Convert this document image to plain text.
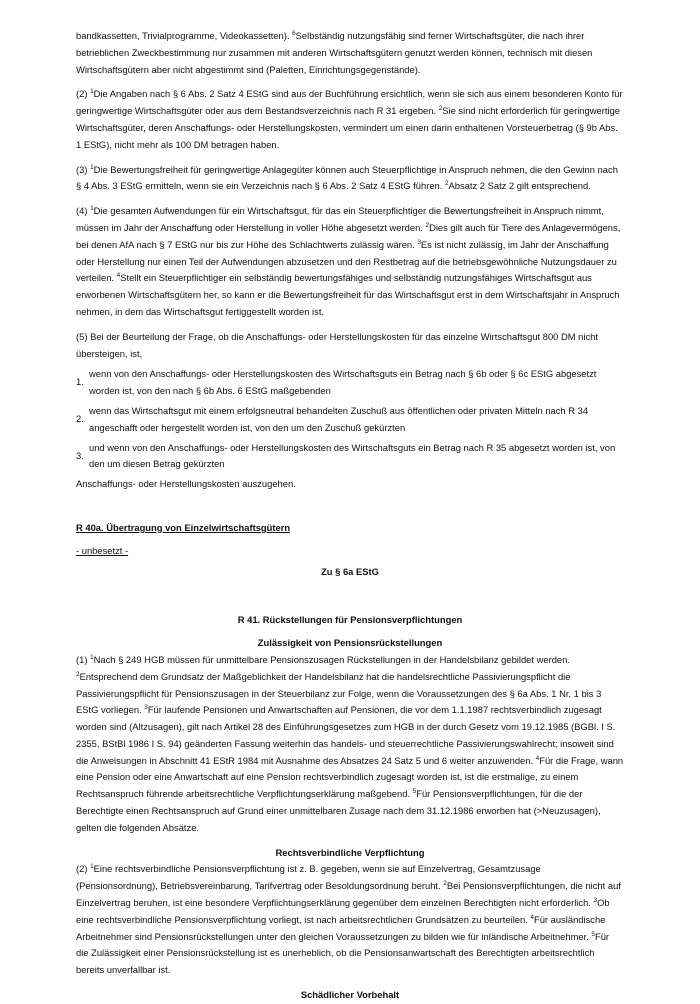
bandkassetten, Trivialprogramme, Videokassetten). $^6$Selbständig nutzungsfähig sind ferner Wirtschaftsgüter, die nach ihrer betrieblichen Zweckbestimmung nur zusammen mit anderen Wirtschaftsgütern genutzt werden können, technisch mit diesen Wirtschaftsgütern aber nicht abgestimmt sind (Paletten, Einrichtungsgegenstände).

(2) $^1$Die Angaben nach § 6 Abs. 2 Satz 4 EStG sind aus der Buchführung ersichtlich, wenn sie sich aus einem besonderen Konto für geringwertige Wirtschaftsgüter oder aus dem Bestandsverzeichnis nach R 31 ergeben. $^2$Sie sind nicht erforderlich für geringwertige Wirtschaftsgüter, deren Anschaffungs- oder Herstellungskosten, vermindert um einen darin enthaltenen Vorsteuerbetrag (§ 9b Abs. 1 EStG), nicht mehr als 100 DM betragen haben.

(3) $^1$Die Bewertungsfreiheit für geringwertige Anlagegüter können auch Steuerpflichtige in Anspruch nehmen, die den Gewinn nach § 4 Abs. 3 EStG ermitteln, wenn sie ein Verzeichnis nach § 6 Abs. 2 Satz 4 EStG führen. $^2$Absatz 2 Satz 2 gilt entsprechend.

(4) $^1$Die gesamten Aufwendungen für ein Wirtschaftsgut, für das ein Steuerpflichtiger die Bewertungsfreiheit in Anspruch nimmt, müssen im Jahr der Anschaffung oder Herstellung in voller Höhe abgesetzt werden. $^2$Dies gilt auch für Tiere des Anlagevermögens, bei denen AfA nach § 7 EStG nur bis zur Höhe des Schlachtwerts zulässig wären. $^3$Es ist nicht zulässig, im Jahr der Anschaffung oder Herstellung nur einen Teil der Aufwendungen abzusetzen und den Restbetrag auf die betriebsgewöhnliche Nutzungsdauer zu verteilen. $^4$Stellt ein Steuerpflichtiger ein selbständig bewertungsfähiges und selbständig nutzungsfähiges Wirtschaftsgut aus erworbenen Wirtschaftsgütern her, so kann er die Bewertungsfreiheit für das Wirtschaftsgut erst in dem Wirtschaftsjahr in Anspruch nehmen, in dem das Wirtschaftsgut fertiggestellt worden ist.

(5) Bei der Beurteilung der Frage, ob die Anschaffungs- oder Herstellungskosten für das einzelne Wirtschaftsgut 800 DM nicht übersteigen, ist,

1.
wenn von den Anschaffungs- oder Herstellungskosten des Wirtschaftsguts ein Betrag nach § 6b oder § 6c EStG abgesetzt worden ist, von den nach § 6b Abs. 6 EStG maßgebenden
2.
wenn das Wirtschaftsgut mit einem erfolgsneutral behandelten Zuschuß aus öffentlichen oder privaten Mitteln nach R 34 angeschafft oder hergestellt worden ist, von den um den Zuschuß gekürzten
3.
und wenn von den Anschaffungs- oder Herstellungskosten des Wirtschaftsguts ein Betrag nach R 35 abgesetzt worden ist, von den um diesen Betrag gekürzten

Anschaffungs- oder Herstellungskosten auszugehen.

R 40a. Übertragung von Einzelwirtschaftsgütern
- unbesetzt -
Zu § 6a EStG
R 41. Rückstellungen für Pensionsverpflichtungen
Zulässigkeit von Pensionsrückstellungen

(1) $^1$Nach § 249 HGB müssen für unmittelbare Pensionszusagen Rückstellungen in der Handelsbilanz gebildet werden. $^2$Entsprechend dem Grundsatz der Maßgeblichkeit der Handelsbilanz hat die handelsrechtliche Passivierungspflicht die Passivierungspflicht für Pensionszusagen in der Steuerbilanz zur Folge, wenn die Voraussetzungen des § 6a Abs. 1 Nr. 1 bis 3 EStG vorliegen. $^3$Für laufende Pensionen und Anwartschaften auf Pensionen, die vor dem 1.1.1987 rechtsverbindlich zugesagt worden sind (Altzusagen), gilt nach Artikel 28 des Einführungsgesetzes zum HGB in der durch Gesetz vom 19.12.1985 (BGBl. I S. 2355, BStBl 1986 I S. 94) geänderten Fassung weiterhin das handels- und steuerrechtliche Passivierungswahlrecht; insoweit sind die Anweisungen in Abschnitt 41 EStR 1984 mit Ausnahme des Absatzes 24 Satz 5 und 6 weiter anzuwenden. $^4$Für die Frage, wann eine Pension oder eine Anwartschaft auf eine Pension rechtsverbindlich zugesagt worden ist, ist die erstmalige, zu einem Rechtsanspruch führende arbeitsrechtliche Verpflichtungserklärung maßgebend. $^5$Für Pensionsverpflichtungen, für die der Berechtigte einen Rechtsanspruch auf Grund einer unmittelbaren Zusage nach dem 31.12.1986 erworben hat (>Neuzusagen), gelten die folgenden Absätze.

Rechtsverbindliche Verpflichtung

(2) $^1$Eine rechtsverbindliche Pensionsverpflichtung ist z. B. gegeben, wenn sie auf Einzelvertrag, Gesamtzusage (Pensionsordnung), Betriebsvereinbarung, Tarifvertrag oder Besoldungsordnung beruht. $^2$Bei Pensionsverpflichtungen, die nicht auf Einzelvertrag beruhen, ist eine besondere Verpflichtungserklärung gegenüber dem einzelnen Berechtigten nicht erforderlich. $^3$Ob eine rechtsverbindliche Pensionsverpflichtung vorliegt, ist nach arbeitsrechtlichen Grundsätzen zu beurteilen. $^4$Für ausländische Arbeitnehmer sind Pensionsrückstellungen unter den gleichen Voraussetzungen zu bilden wie für inländische Arbeitnehmer. $^5$Für die Zulässigkeit einer Pensionsrückstellung ist es unerheblich, ob die Pensionsanwartschaft des Berechtigten arbeitsrechtlich bereits unverfallbar ist.

Schädlicher Vorbehalt
